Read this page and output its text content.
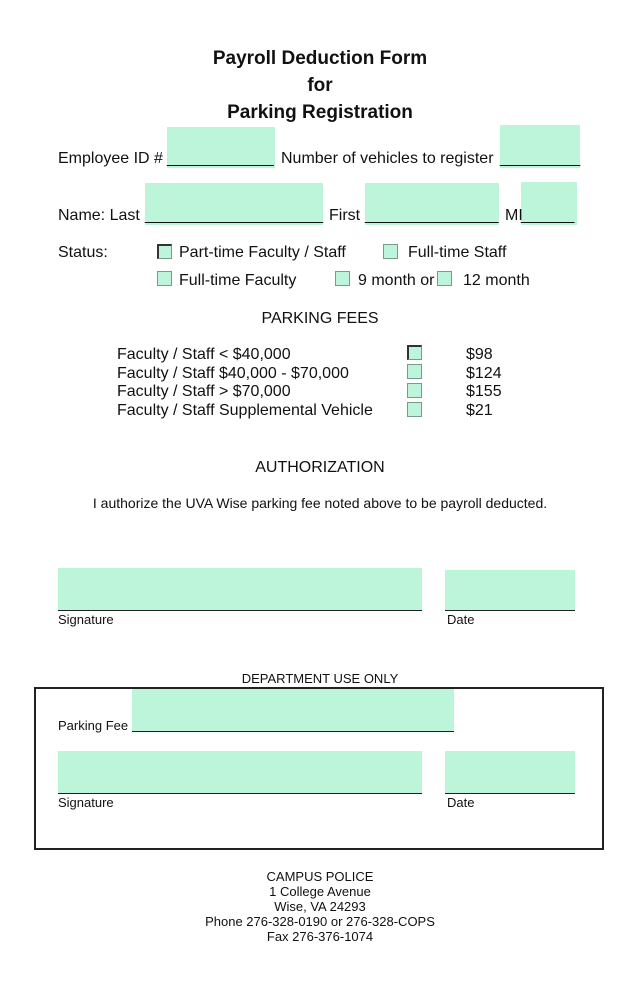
Payroll Deduction Form
for
Parking Registration
Employee ID # ____________ Number of vehicles to register _________
Name: Last ____________________ First _______________ MI
______
Status:	Part-time Faculty / Staff	Full-time Staff
Full-time Faculty	9 month or 12 month
PARKING FEES
Faculty / Staff < $40,000	$98
Faculty / Staff $40,000 - $70,000	$124
Faculty / Staff > $70,000	$155
Faculty / Staff Supplemental Vehicle	$21
AUTHORIZATION
I authorize the UVA Wise parking fee noted above to be payroll deducted.
Signature	Date
DEPARTMENT USE ONLY
Parking Fee
Signature	Date
CAMPUS POLICE
1 College Avenue
Wise, VA 24293
Phone 276-328-0190 or 276-328-COPS
Fax 276-376-1074
